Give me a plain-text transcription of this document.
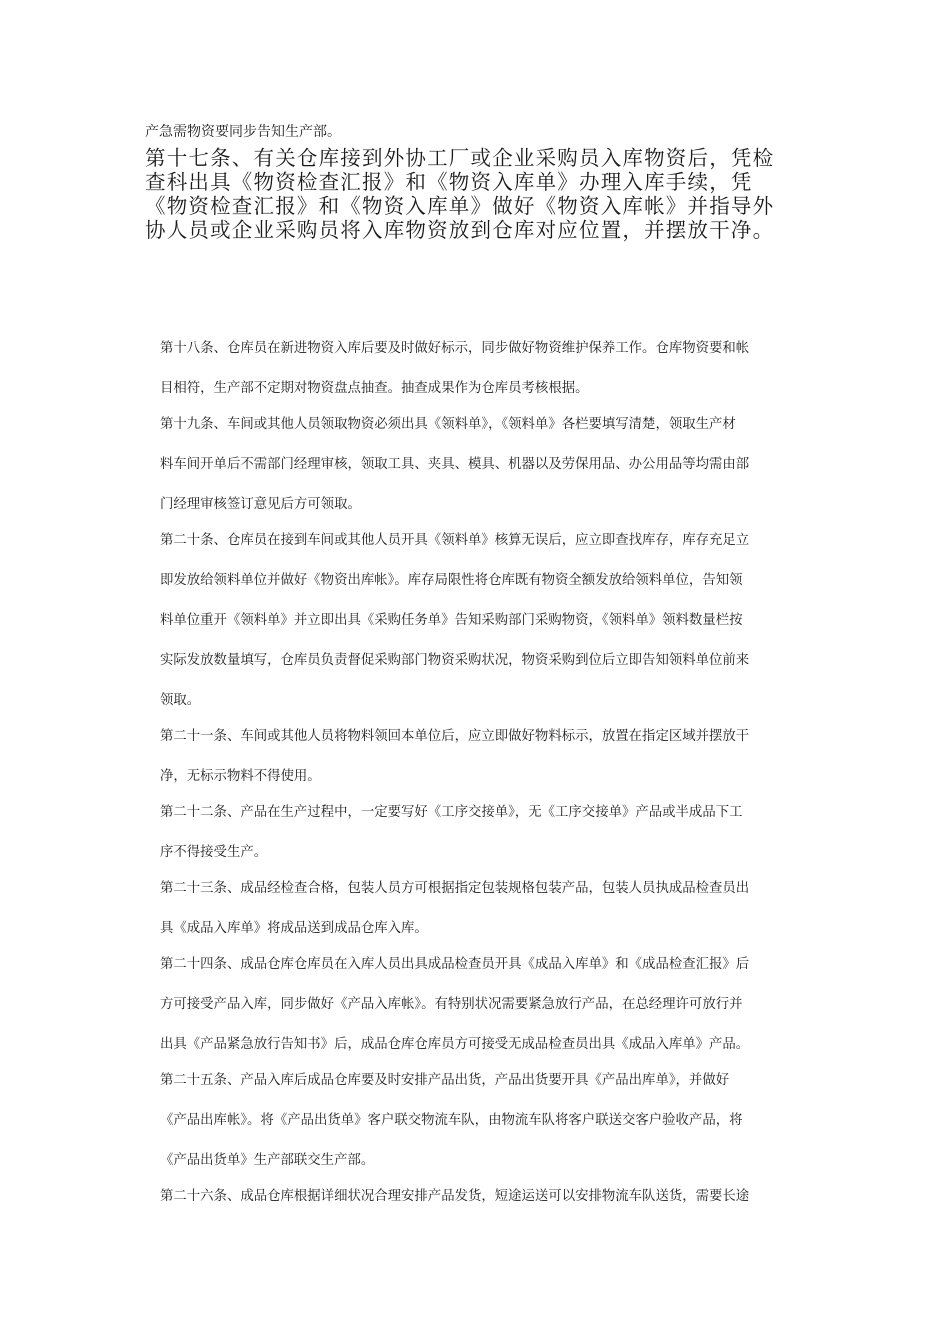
产急需物资要同步告知生产部。

第十七条、有关仓库接到外协工厂或企业采购员入库物资后，凭检
查科出具《物资检查汇报》和《物资入库单》办理入库手续，凭
《物资检查汇报》和《物资入库单》做好《物资入库帐》并指导外
协人员或企业采购员将入库物资放到仓库对应位置，并摆放干净。

第十八条、仓库员在新进物资入库后要及时做好标示，同步做好物资维护保养工作。仓库物资要和帐
目相符，生产部不定期对物资盘点抽查。抽查成果作为仓库员考核根据。

第十九条、车间或其他人员领取物资必须出具《领料单》，《领料单》各栏要填写清楚，领取生产材
料车间开单后不需部门经理审核，领取工具、夹具、模具、机器以及劳保用品、办公用品等均需由部
门经理审核签订意见后方可领取。

第二十条、仓库员在接到车间或其他人员开具《领料单》核算无误后，应立即查找库存，库存充足立
即发放给领料单位并做好《物资出库帐》。库存局限性将仓库既有物资全额发放给领料单位，告知领
料单位重开《领料单》并立即出具《采购任务单》告知采购部门采购物资，《领料单》领料数量栏按
实际发放数量填写，仓库员负责督促采购部门物资采购状况，物资采购到位后立即告知领料单位前来
领取。

第二十一条、车间或其他人员将物料领回本单位后，应立即做好物料标示，放置在指定区域并摆放干
净，无标示物料不得使用。

第二十二条、产品在生产过程中，一定要写好《工序交接单》，无《工序交接单》产品或半成品下工
序不得接受生产。

第二十三条、成品经检查合格，包装人员方可根据指定包装规格包装产品，包装人员执成品检查员出
具《成品入库单》将成品送到成品仓库入库。

第二十四条、成品仓库仓库员在入库人员出具成品检查员开具《成品入库单》和《成品检查汇报》后
方可接受产品入库，同步做好《产品入库帐》。有特别状况需要紧急放行产品，在总经理许可放行并
出具《产品紧急放行告知书》后，成品仓库仓库员方可接受无成品检查员出具《成品入库单》产品。

第二十五条、产品入库后成品仓库要及时安排产品出货，产品出货要开具《产品出库单》，并做好
《产品出库帐》。将《产品出货单》客户联交物流车队，由物流车队将客户联送交客户验收产品，将
《产品出货单》生产部联交生产部。

第二十六条、成品仓库根据详细状况合理安排产品发货，短途运送可以安排物流车队送货，需要长途
